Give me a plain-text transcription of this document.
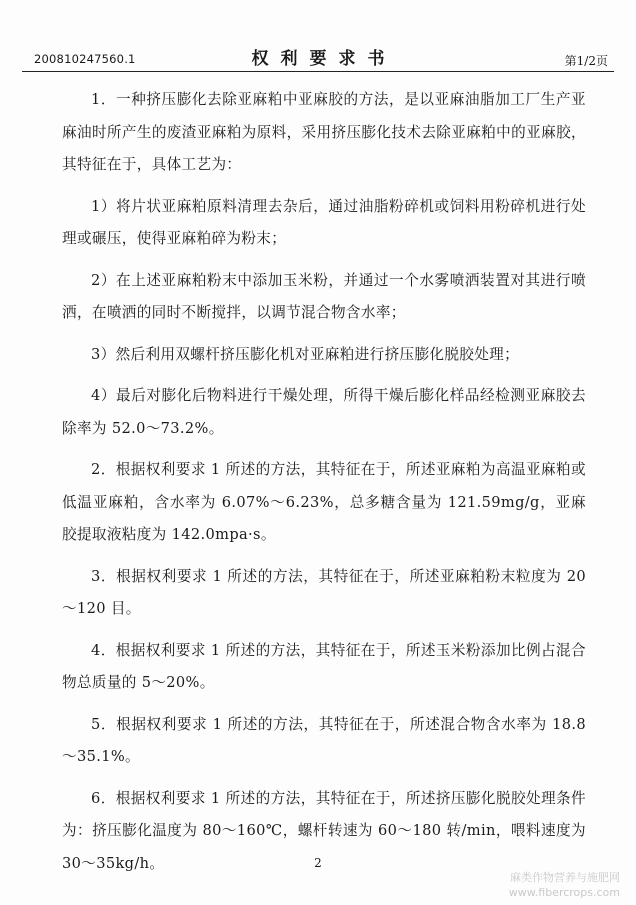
200810247560.1	权利要求书	第1/2页

1．一种挤压膨化去除亚麻粕中亚麻胶的方法，是以亚麻油脂加工厂生产亚麻油时所产生的废渣亚麻粕为原料，采用挤压膨化技术去除亚麻粕中的亚麻胶，其特征在于，具体工艺为：

1）将片状亚麻粕原料清理去杂后，通过油脂粉碎机或饲料用粉碎机进行处理或碾压，使得亚麻粕碎为粉末；

2）在上述亚麻粕粉末中添加玉米粉，并通过一个水雾喷洒装置对其进行喷洒，在喷洒的同时不断搅拌，以调节混合物含水率；

3）然后利用双螺杆挤压膨化机对亚麻粕进行挤压膨化脱胶处理；

4）最后对膨化后物料进行干燥处理，所得干燥后膨化样品经检测亚麻胶去除率为 52.0～73.2%。

2．根据权利要求 1 所述的方法，其特征在于，所述亚麻粕为高温亚麻粕或低温亚麻粕，含水率为 6.07%～6.23%，总多糖含量为 121.59mg/g，亚麻胶提取液粘度为 142.0mpa·s。

3．根据权利要求 1 所述的方法，其特征在于，所述亚麻粕粉末粒度为 20～120 目。

4．根据权利要求 1 所述的方法，其特征在于，所述玉米粉添加比例占混合物总质量的 5～20%。

5．根据权利要求 1 所述的方法，其特征在于，所述混合物含水率为 18.8～35.1%。

6．根据权利要求 1 所述的方法，其特征在于，所述挤压膨化脱胶处理条件为：挤压膨化温度为 80～160℃，螺杆转速为 60～180 转/min，喂料速度为 30～35kg/h。	2
麻类作物营养与施肥网
www.fibercrops.com
